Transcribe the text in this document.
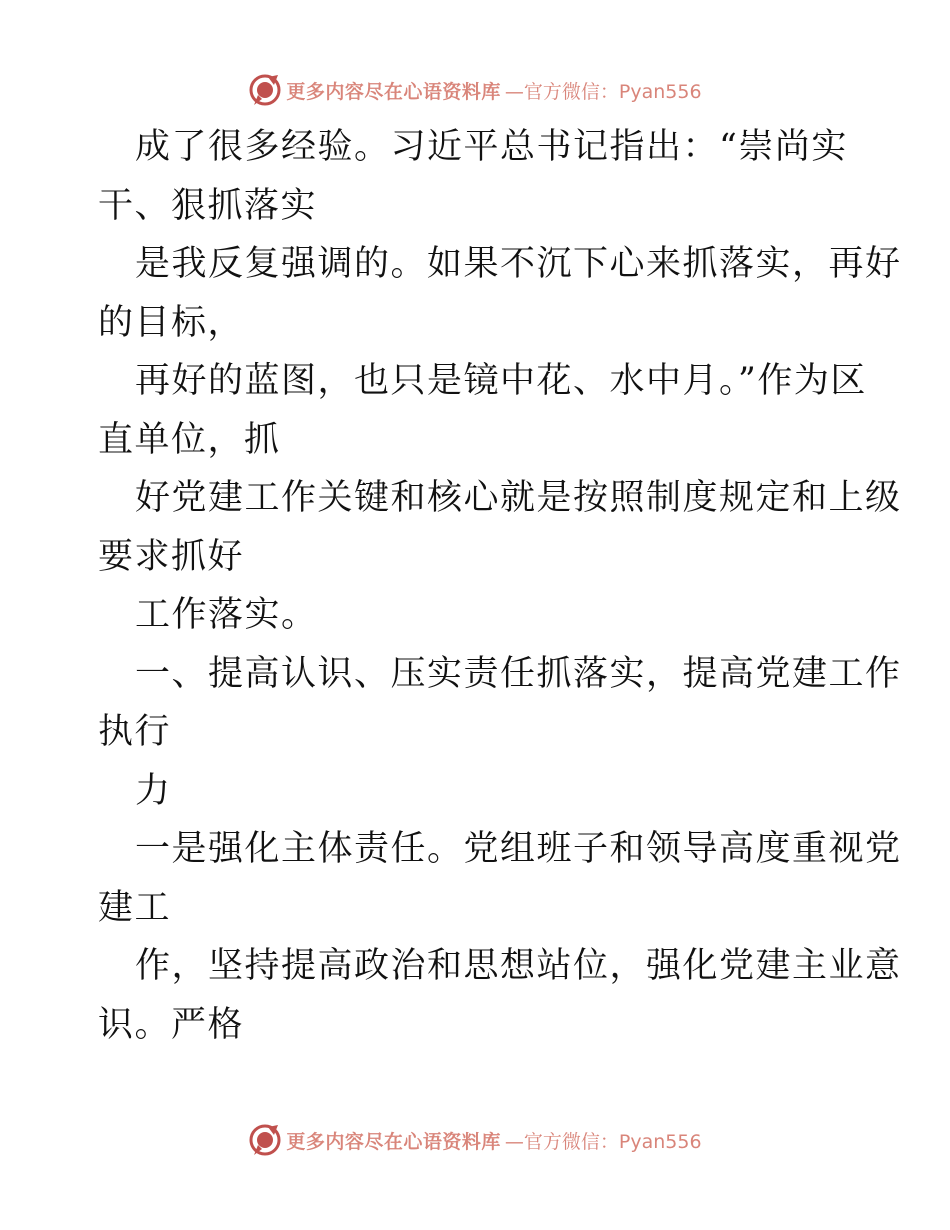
更多内容尽在心语资料库 —官方微信：Pyan556
成了很多经验。习近平总书记指出：“崇尚实
干、狠抓落实
是我反复强调的。如果不沉下心来抓落实，再好
的目标，
再好的蓝图，也只是镜中花、水中月。”作为区
直单位，抓
好党建工作关键和核心就是按照制度规定和上级
要求抓好
工作落实。
一、提高认识、压实责任抓落实，提高党建工作
执行
力
一是强化主体责任。党组班子和领导高度重视党
建工
作，坚持提高政治和思想站位，强化党建主业意
识。严格
更多内容尽在心语资料库 —官方微信：Pyan556
